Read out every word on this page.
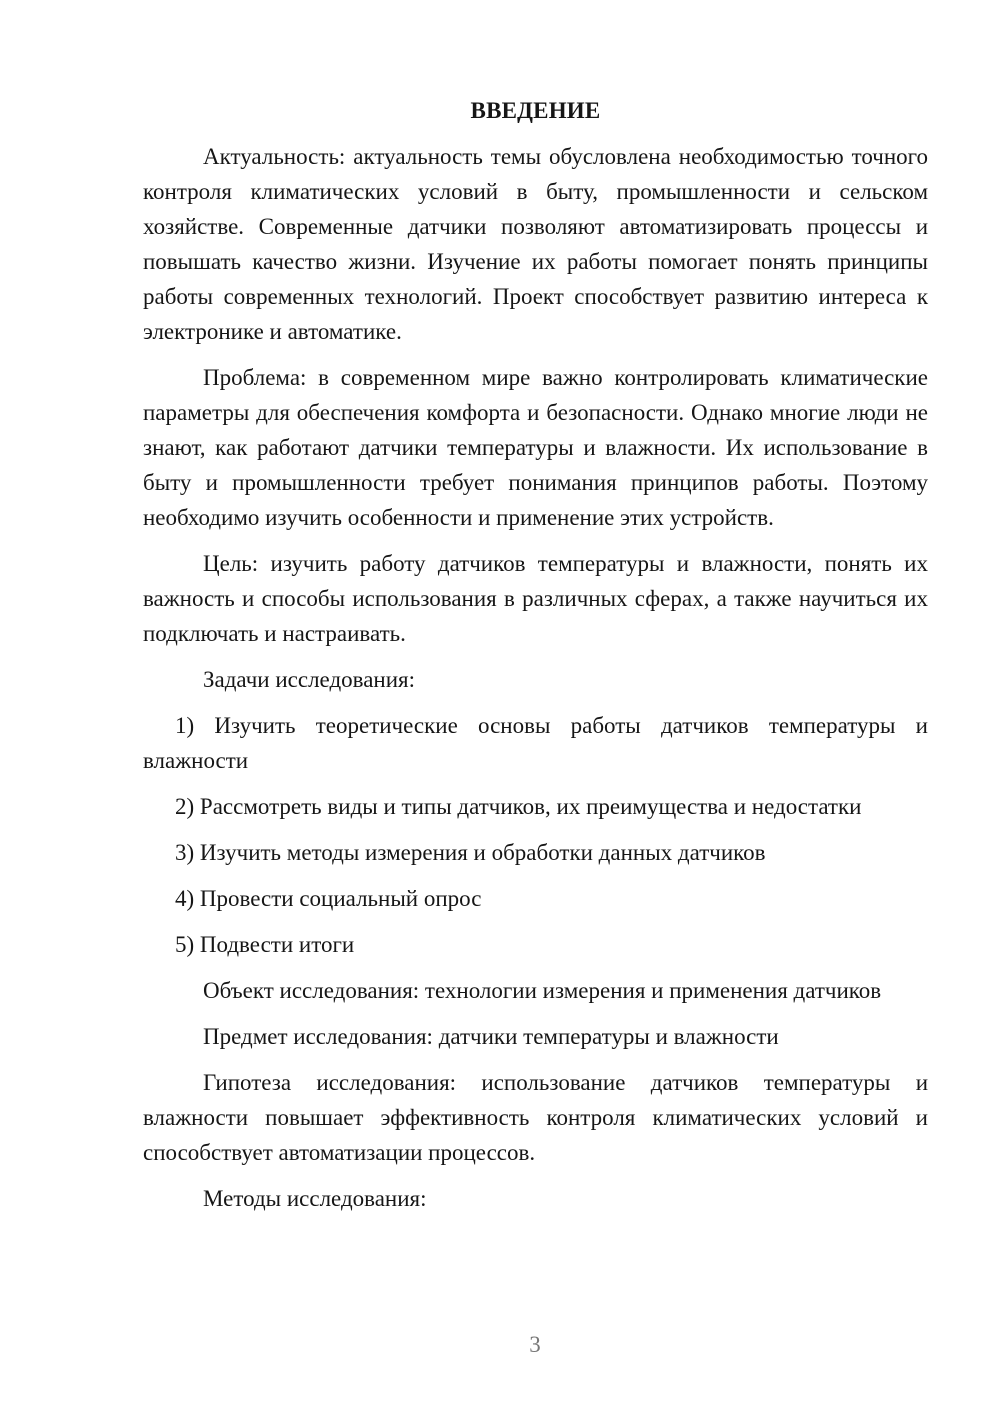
ВВЕДЕНИЕ

Актуальность: актуальность темы обусловлена необходимостью точного контроля климатических условий в быту, промышленности и сельском хозяйстве. Современные датчики позволяют автоматизировать процессы и повышать качество жизни. Изучение их работы помогает понять принципы работы современных технологий. Проект способствует развитию интереса к электронике и автоматике.

Проблема: в современном мире важно контролировать климатические параметры для обеспечения комфорта и безопасности. Однако многие люди не знают, как работают датчики температуры и влажности. Их использование в быту и промышленности требует понимания принципов работы. Поэтому необходимо изучить особенности и применение этих устройств.

Цель: изучить работу датчиков температуры и влажности, понять их важность и способы использования в различных сферах, а также научиться их подключать и настраивать.

Задачи исследования:

1) Изучить теоретические основы работы датчиков температуры и влажности

2) Рассмотреть виды и типы датчиков, их преимущества и недостатки

3) Изучить методы измерения и обработки данных датчиков

4) Провести социальный опрос

5) Подвести итоги

Объект исследования: технологии измерения и применения датчиков

Предмет исследования: датчики температуры и влажности

Гипотеза исследования: использование датчиков температуры и влажности повышает эффективность контроля климатических условий и способствует автоматизации процессов.

Методы исследования:

3
